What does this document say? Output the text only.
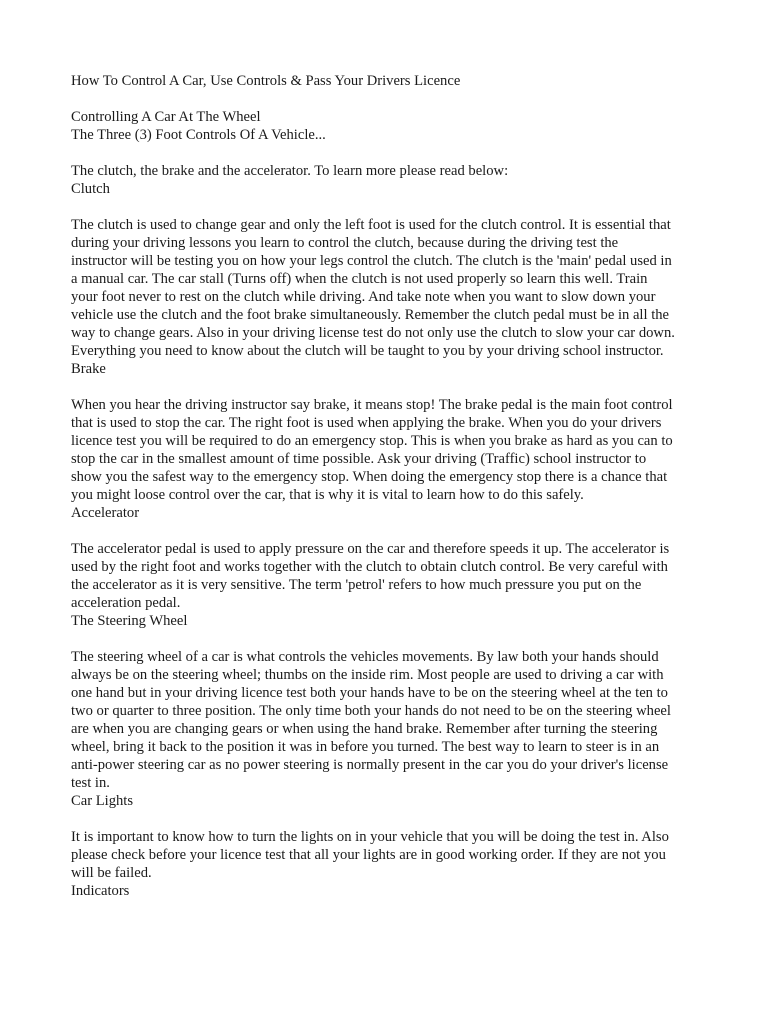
How To Control A Car, Use Controls & Pass Your Drivers Licence
Controlling A Car At The Wheel
The Three (3) Foot Controls Of A Vehicle...
The clutch, the brake and the accelerator. To learn more please read below:
Clutch
The clutch is used to change gear and only the left foot is used for the clutch control. It is essential that
during your driving lessons you learn to control the clutch, because during the driving test the
instructor will be testing you on how your legs control the clutch. The clutch is the 'main' pedal used in
a manual car. The car stall (Turns off) when the clutch is not used properly so learn this well. Train
your foot never to rest on the clutch while driving. And take note when you want to slow down your
vehicle use the clutch and the foot brake simultaneously. Remember the clutch pedal must be in all the
way to change gears. Also in your driving license test do not only use the clutch to slow your car down.
Everything you need to know about the clutch will be taught to you by your driving school instructor.
Brake
When you hear the driving instructor say brake, it means stop! The brake pedal is the main foot control
that is used to stop the car. The right foot is used when applying the brake. When you do your drivers
licence test you will be required to do an emergency stop. This is when you brake as hard as you can to
stop the car in the smallest amount of time possible. Ask your driving (Traffic) school instructor to
show you the safest way to the emergency stop. When doing the emergency stop there is a chance that
you might loose control over the car, that is why it is vital to learn how to do this safely.
Accelerator
The accelerator pedal is used to apply pressure on the car and therefore speeds it up. The accelerator is
used by the right foot and works together with the clutch to obtain clutch control. Be very careful with
the accelerator as it is very sensitive. The term 'petrol' refers to how much pressure you put on the
acceleration pedal.
The Steering Wheel
The steering wheel of a car is what controls the vehicles movements. By law both your hands should
always be on the steering wheel; thumbs on the inside rim. Most people are used to driving a car with
one hand but in your driving licence test both your hands have to be on the steering wheel at the ten to
two or quarter to three position. The only time both your hands do not need to be on the steering wheel
are when you are changing gears or when using the hand brake. Remember after turning the steering
wheel, bring it back to the position it was in before you turned. The best way to learn to steer is in an
anti-power steering car as no power steering is normally present in the car you do your driver's license
test in.
Car Lights
It is important to know how to turn the lights on in your vehicle that you will be doing the test in. Also
please check before your licence test that all your lights are in good working order. If they are not you
will be failed.
Indicators
